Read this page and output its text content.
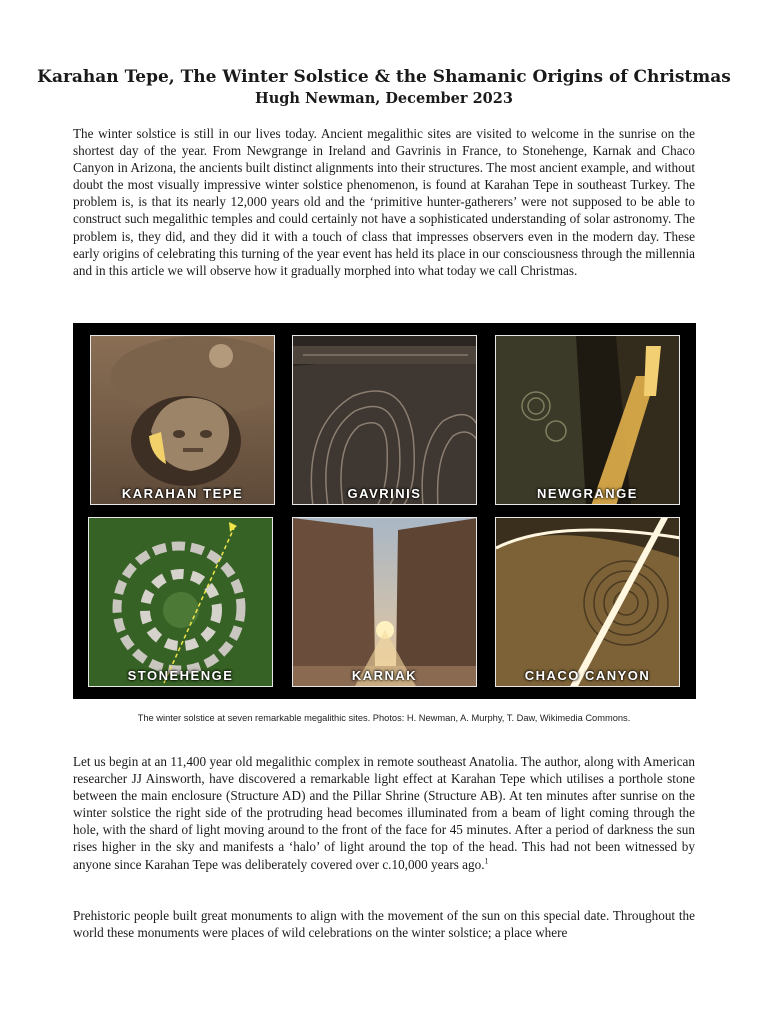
Karahan Tepe, The Winter Solstice & the Shamanic Origins of Christmas
Hugh Newman, December 2023

The winter solstice is still in our lives today. Ancient megalithic sites are visited to welcome in the sunrise on the shortest day of the year. From Newgrange in Ireland and Gavrinis in France, to Stonehenge, Karnak and Chaco Canyon in Arizona, the ancients built distinct alignments into their structures. The most ancient example, and without doubt the most visually impressive winter solstice phenomenon, is found at Karahan Tepe in southeast Turkey. The problem is, is that its nearly 12,000 years old and the ‘primitive hunter-gatherers’ were not supposed to be able to construct such megalithic temples and could certainly not have a sophisticated understanding of solar astronomy. The problem is, they did, and they did it with a touch of class that impresses observers even in the modern day. These early origins of celebrating this turning of the year event has held its place in our consciousness through the millennia and in this article we will observe how it gradually morphed into what today we call Christmas.

KARAHAN TEPE	GAVRINIS	NEWGRANGE
STONEHENGE	KARNAK	CHACO CANYON
The winter solstice at seven remarkable megalithic sites. Photos: H. Newman, A. Murphy, T. Daw, Wikimedia Commons.

Let us begin at an 11,400 year old megalithic complex in remote southeast Anatolia. The author, along with American researcher JJ Ainsworth, have discovered a remarkable light effect at Karahan Tepe which utilises a porthole stone between the main enclosure (Structure AD) and the Pillar Shrine (Structure AB). At ten minutes after sunrise on the winter solstice the right side of the protruding head becomes illuminated from a beam of light coming through the hole, with the shard of light moving around to the front of the face for 45 minutes. After a period of darkness the sun rises higher in the sky and manifests a ‘halo’ of light around the top of the head. This had not been witnessed by anyone since Karahan Tepe was deliberately covered over c.10,000 years ago.$^1$

Prehistoric people built great monuments to align with the movement of the sun on this special date. Throughout the world these monuments were places of wild celebrations on the winter solstice; a place where
